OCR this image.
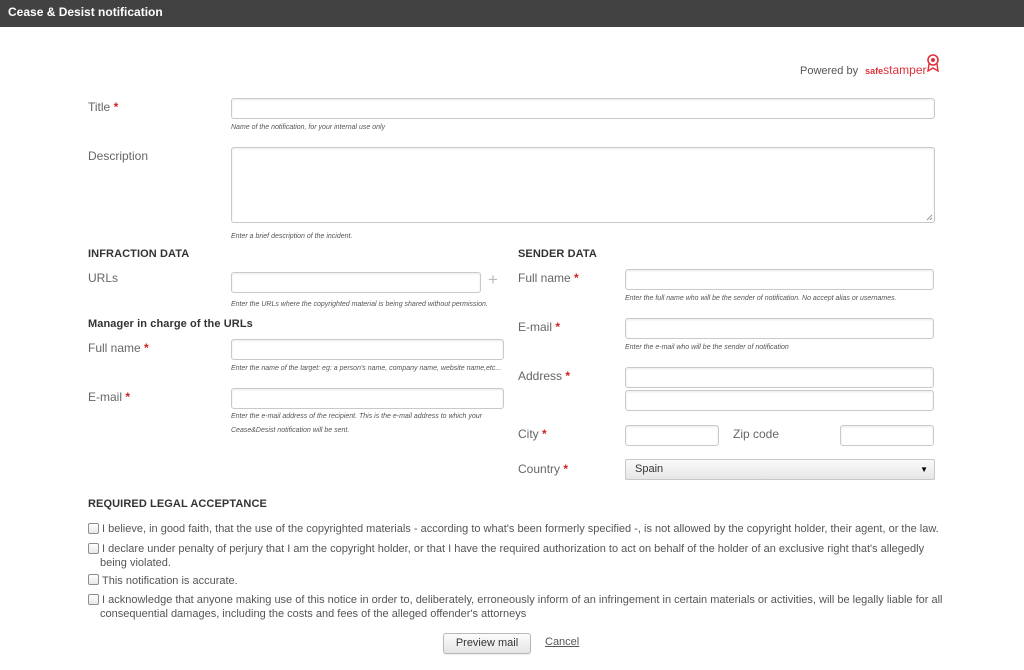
Cease & Desist notification
Powered by safestamper
Title *
Name of the notification, for your internal use only
Description
Enter a brief description of the incident.
INFRACTION DATA
URLs	+
Enter the URLs where the copyrighted material is being shared without permission.
Manager in charge of the URLs
Full name *
Enter the name of the target: eg: a person's name, company name, website name,etc...
E-mail *
Enter the e-mail address of the recipient. This is the e-mail address to which your
Cease&Desist notification will be sent.
SENDER DATA
Full name *
Enter the full name who will be the sender of notification. No accept alias or usernames.
E-mail *
Enter the e-mail who will be the sender of notification
Address *
City *	Zip code
Country *	Spain	▼
REQUIRED LEGAL ACCEPTANCE
I believe, in good faith, that the use of the copyrighted materials - according to what's been formerly specified -, is not allowed by the copyright holder, their agent, or the law.
I declare under penalty of perjury that I am the copyright holder, or that I have the required authorization to act on behalf of the holder of an exclusive right that's allegedly
being violated.
This notification is accurate.
I acknowledge that anyone making use of this notice in order to, deliberately, erroneously inform of an infringement in certain materials or activities, will be legally liable for all
consequential damages, including the costs and fees of the alleged offender's attorneys
Preview mail	Cancel
